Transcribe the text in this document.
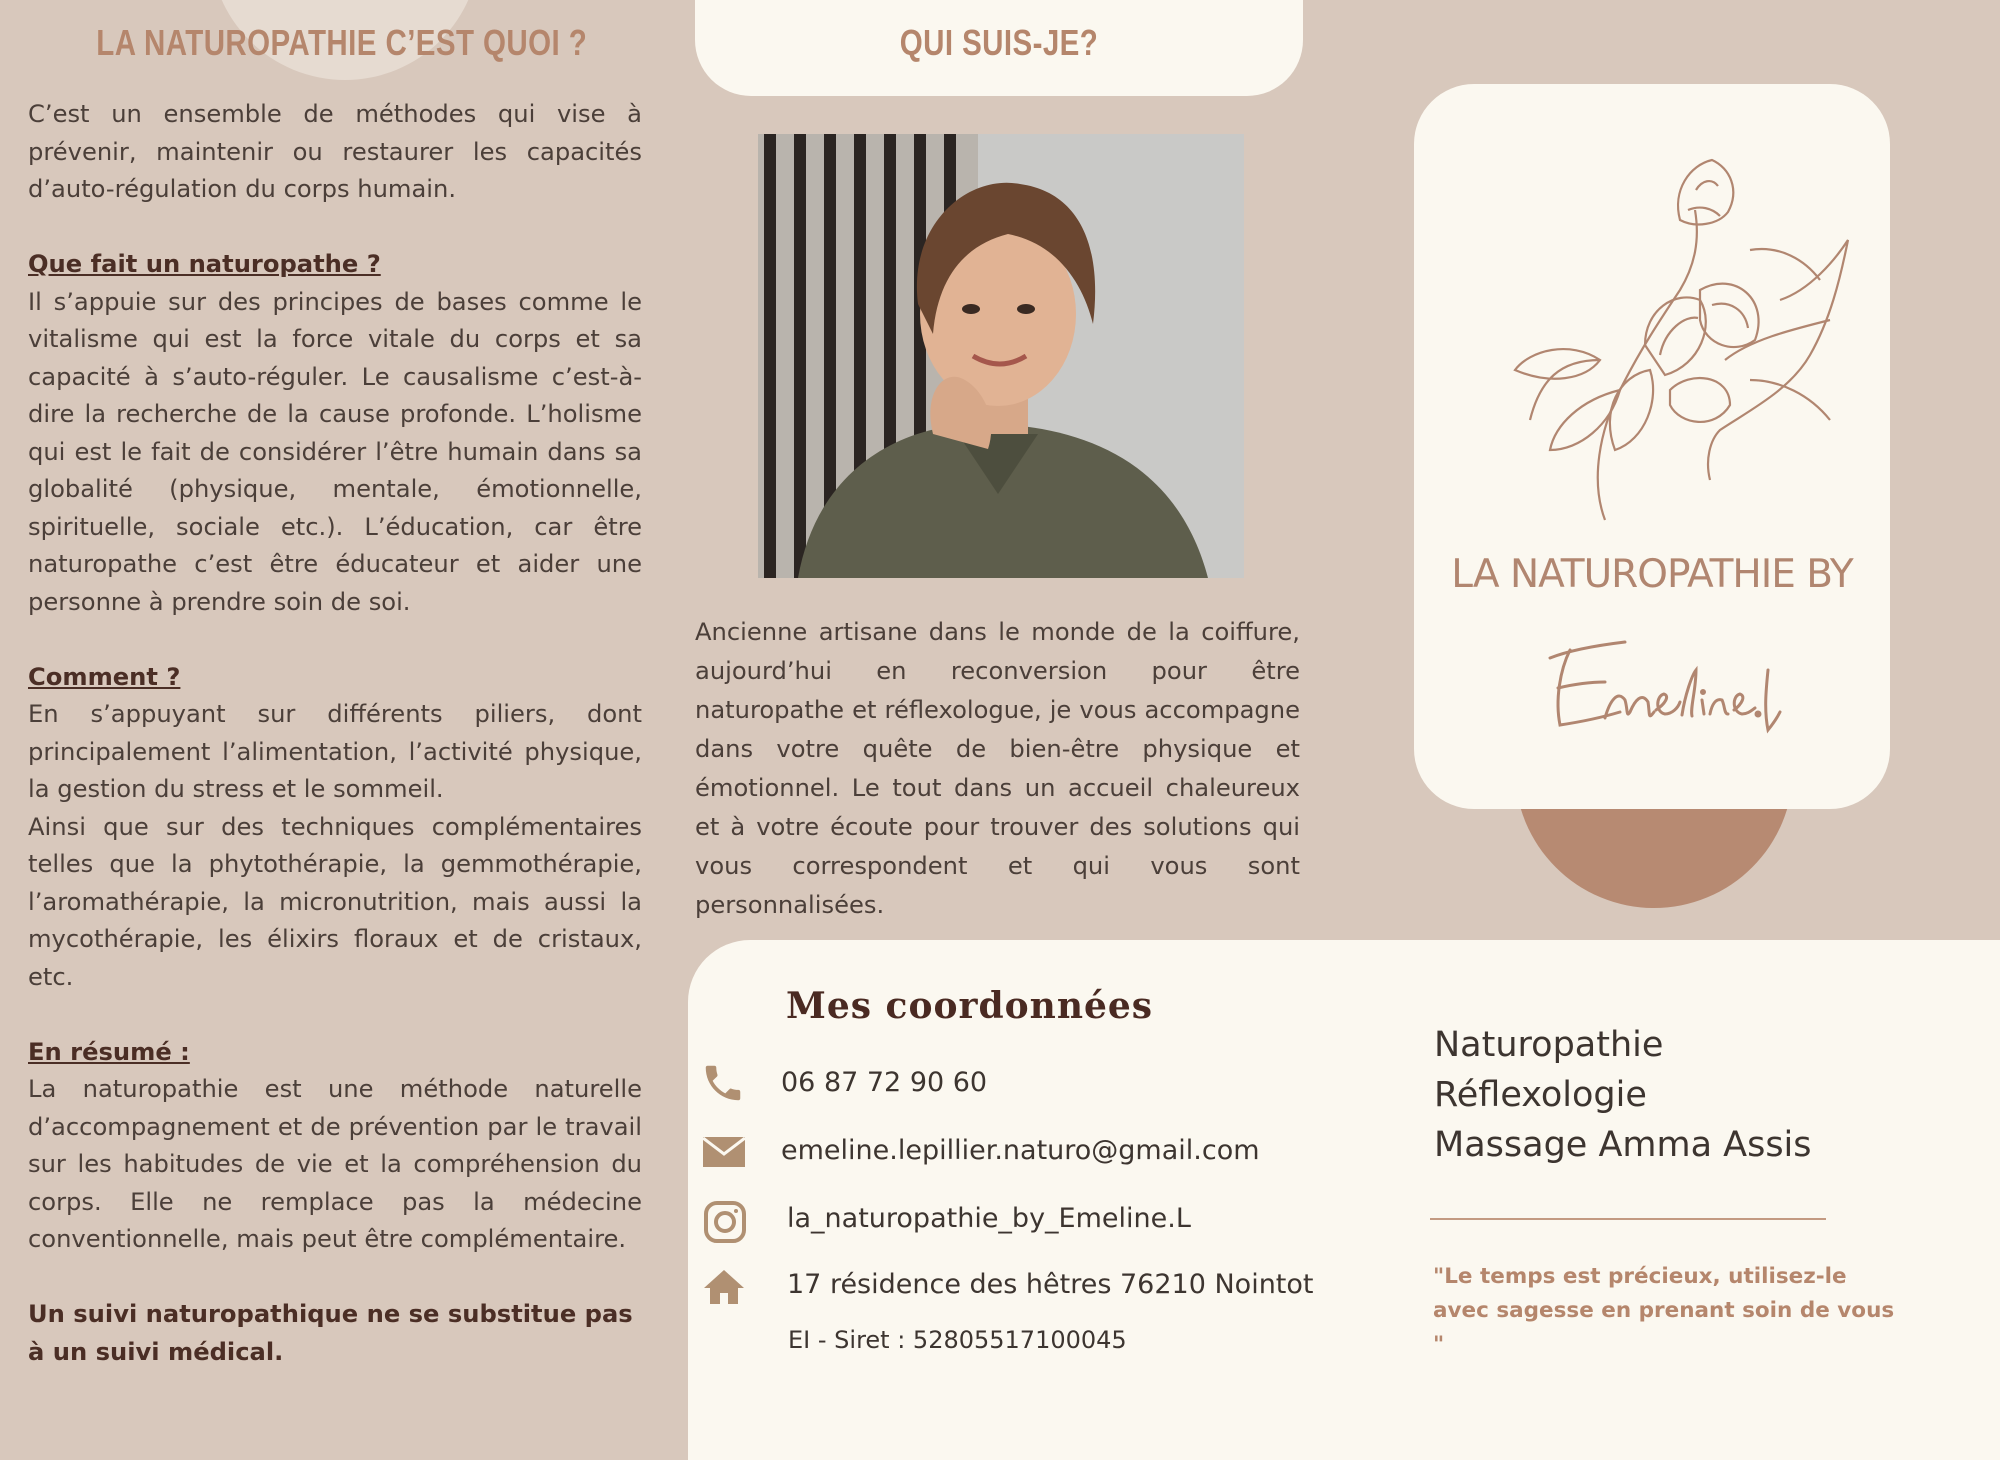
LA NATUROPATHIE C’EST QUOI ?	QUI SUIS-JE?

C’est un ensemble de méthodes qui vise à prévenir, maintenir ou restaurer les capacités d’auto-régulation du corps humain.

Que fait un naturopathe ?

Il s’appuie sur des principes de bases comme le vitalisme qui est la force vitale du corps et sa capacité à s’auto-réguler. Le causalisme c’est-à-dire la recherche de la cause profonde. L’holisme qui est le fait de considérer l’être humain dans sa globalité (physique, mentale, émotionnelle, spirituelle, sociale etc.). L’éducation, car être naturopathe c’est être éducateur et aider une personne à prendre soin de soi.

Comment ?

En s’appuyant sur différents piliers, dont principalement l’alimentation, l’activité physique, la gestion du stress et le sommeil.

Ainsi que sur des techniques complémentaires telles que la phytothérapie, la gemmothérapie, l’aromathérapie, la micronutrition, mais aussi la mycothérapie, les élixirs floraux et de cristaux, etc.

En résumé :

La naturopathie est une méthode naturelle d’accompagnement et de prévention par le travail sur les habitudes de vie et la compréhension du corps. Elle ne remplace pas la médecine conventionnelle, mais peut être complémentaire.

Un suivi naturopathique ne se substitue pas à un suivi médical.

Ancienne artisane dans le monde de la coiffure, aujourd’hui en reconversion pour être naturopathe et réflexologue, je vous accompagne dans votre quête de bien-être physique et émotionnel. Le tout dans un accueil chaleureux et à votre écoute pour trouver des solutions qui vous correspondent et qui vous sont personnalisées.

LA NATUROPATHIE BY
Mes coordonnées
06 87 72 90 60
emeline.lepillier.naturo@gmail.com
la_naturopathie_by_Emeline.L
17 résidence des hêtres 76210 Nointot
EI - Siret : 52805517100045
Naturopathie
Réflexologie
Massage Amma Assis
"Le temps est précieux, utilisez-le avec sagesse en prenant soin de vous "
